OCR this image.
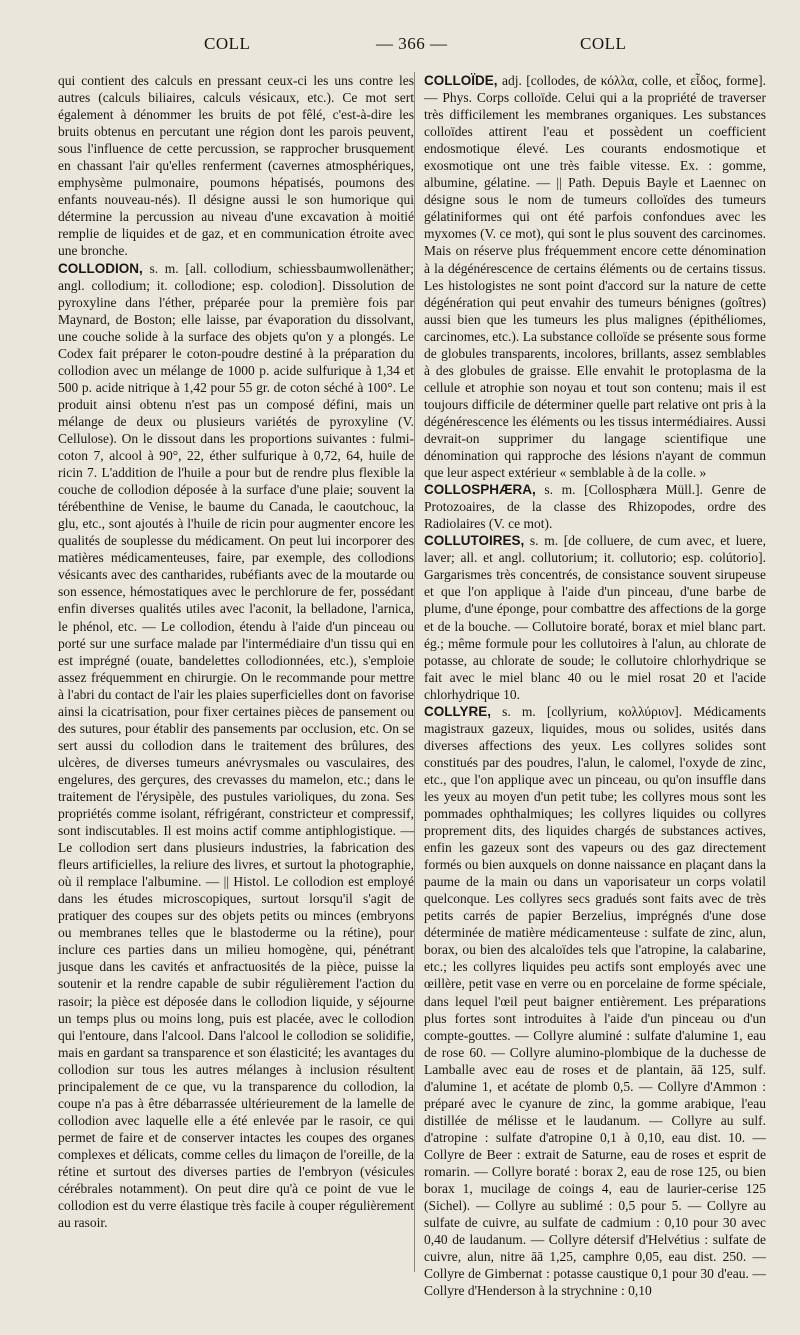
COLL	— 366 —	COLL

qui contient des calculs en pressant ceux-ci les uns contre les autres (calculs biliaires, calculs vésicaux, etc.). Ce mot sert également à dénommer les bruits de pot fêlé, c'est-à-dire les bruits obtenus en percutant une région dont les parois peuvent, sous l'influence de cette percussion, se rapprocher brusquement en chassant l'air qu'elles renferment (cavernes atmosphériques, emphysème pulmonaire, poumons hépatisés, poumons des enfants nouveau-nés). Il désigne aussi le son humorique qui détermine la percussion au niveau d'une excavation à moitié remplie de liquides et de gaz, et en communication étroite avec une bronche.

COLLODION, s. m. [all. collodium, schiessbaumwollenäther; angl. collodium; it. collodione; esp. colodion]. Dissolution de pyroxyline dans l'éther, préparée pour la première fois par Maynard, de Boston; elle laisse, par évaporation du dissolvant, une couche solide à la surface des objets qu'on y a plongés. Le Codex fait préparer le coton-poudre destiné à la préparation du collodion avec un mélange de 1000 p. acide sulfurique à 1,34 et 500 p. acide nitrique à 1,42 pour 55 gr. de coton séché à 100°. Le produit ainsi obtenu n'est pas un composé défini, mais un mélange de deux ou plusieurs variétés de pyroxyline (V. Cellulose). On le dissout dans les proportions suivantes : fulmi-coton 7, alcool à 90°, 22, éther sulfurique à 0,72, 64, huile de ricin 7. L'addition de l'huile a pour but de rendre plus flexible la couche de collodion déposée à la surface d'une plaie; souvent la térébenthine de Venise, le baume du Canada, le caoutchouc, la glu, etc., sont ajoutés à l'huile de ricin pour augmenter encore les qualités de souplesse du médicament. On peut lui incorporer des matières médicamenteuses, faire, par exemple, des collodions vésicants avec des cantharides, rubéfiants avec de la moutarde ou son essence, hémostatiques avec le perchlorure de fer, possédant enfin diverses qualités utiles avec l'aconit, la belladone, l'arnica, le phénol, etc. — Le collodion, étendu à l'aide d'un pinceau ou porté sur une surface malade par l'intermédiaire d'un tissu qui en est imprégné (ouate, bandelettes collodionnées, etc.), s'emploie assez fréquemment en chirurgie. On le recommande pour mettre à l'abri du contact de l'air les plaies superficielles dont on favorise ainsi la cicatrisation, pour fixer certaines pièces de pansement ou des sutures, pour établir des pansements par occlusion, etc. On se sert aussi du collodion dans le traitement des brûlures, des ulcères, de diverses tumeurs anévrysmales ou vasculaires, des engelures, des gerçures, des crevasses du mamelon, etc.; dans le traitement de l'érysipèle, des pustules varioliques, du zona. Ses propriétés comme isolant, réfrigérant, constricteur et compressif, sont indiscutables. Il est moins actif comme antiphlogistique. — Le collodion sert dans plusieurs industries, la fabrication des fleurs artificielles, la reliure des livres, et surtout la photographie, où il remplace l'albumine. — || Histol. Le collodion est employé dans les études microscopiques, surtout lorsqu'il s'agit de pratiquer des coupes sur des objets petits ou minces (embryons ou membranes telles que le blastoderme ou la rétine), pour inclure ces parties dans un milieu homogène, qui, pénétrant jusque dans les cavités et anfractuosités de la pièce, puisse la soutenir et la rendre capable de subir régulièrement l'action du rasoir; la pièce est déposée dans le collodion liquide, y séjourne un temps plus ou moins long, puis est placée, avec le collodion qui l'entoure, dans l'alcool. Dans l'alcool le collodion se solidifie, mais en gardant sa transparence et son élasticité; les avantages du collodion sur tous les autres mélanges à inclusion résultent principalement de ce que, vu la transparence du collodion, la coupe n'a pas à être débarrassée ultérieurement de la lamelle de collodion avec laquelle elle a été enlevée par le rasoir, ce qui permet de faire et de conserver intactes les coupes des organes complexes et délicats, comme celles du limaçon de l'oreille, de la rétine et surtout des diverses parties de l'embryon (vésicules cérébrales notamment). On peut dire qu'à ce point de vue le collodion est du verre élastique très facile à couper régulièrement au rasoir.

COLLOÏDE, adj. [collodes, de κόλλα, colle, et εἶδος, forme]. — Phys. Corps colloïde. Celui qui a la propriété de traverser très difficilement les membranes organiques. Les substances colloïdes attirent l'eau et possèdent un coefficient endosmotique élevé. Les courants endosmotique et exosmotique ont une très faible vitesse. Ex. : gomme, albumine, gélatine. — || Path. Depuis Bayle et Laennec on désigne sous le nom de tumeurs colloïdes des tumeurs gélatiniformes qui ont été parfois confondues avec les myxomes (V. ce mot), qui sont le plus souvent des carcinomes. Mais on réserve plus fréquemment encore cette dénomination à la dégénérescence de certains éléments ou de certains tissus. Les histologistes ne sont point d'accord sur la nature de cette dégénération qui peut envahir des tumeurs bénignes (goîtres) aussi bien que les tumeurs les plus malignes (épithéliomes, carcinomes, etc.). La substance colloïde se présente sous forme de globules transparents, incolores, brillants, assez semblables à des globules de graisse. Elle envahit le protoplasma de la cellule et atrophie son noyau et tout son contenu; mais il est toujours difficile de déterminer quelle part relative ont pris à la dégénérescence les éléments ou les tissus intermédiaires. Aussi devrait-on supprimer du langage scientifique une dénomination qui rapproche des lésions n'ayant de commun que leur aspect extérieur « semblable à de la colle. »

COLLOSPHÆRA, s. m. [Collosphæra Müll.]. Genre de Protozoaires, de la classe des Rhizopodes, ordre des Radiolaires (V. ce mot).

COLLUTOIRES, s. m. [de colluere, de cum avec, et luere, laver; all. et angl. collutorium; it. collutorio; esp. colútorio]. Gargarismes très concentrés, de consistance souvent sirupeuse et que l'on applique à l'aide d'un pinceau, d'une barbe de plume, d'une éponge, pour combattre des affections de la gorge et de la bouche. — Collutoire boraté, borax et miel blanc part. ég.; même formule pour les collutoires à l'alun, au chlorate de potasse, au chlorate de soude; le collutoire chlorhydrique se fait avec le miel blanc 40 ou le miel rosat 20 et l'acide chlorhydrique 10.

COLLYRE, s. m. [collyrium, κολλύριον]. Médicaments magistraux gazeux, liquides, mous ou solides, usités dans diverses affections des yeux. Les collyres solides sont constitués par des poudres, l'alun, le calomel, l'oxyde de zinc, etc., que l'on applique avec un pinceau, ou qu'on insuffle dans les yeux au moyen d'un petit tube; les collyres mous sont les pommades ophthalmiques; les collyres liquides ou collyres proprement dits, des liquides chargés de substances actives, enfin les gazeux sont des vapeurs ou des gaz directement formés ou bien auxquels on donne naissance en plaçant dans la paume de la main ou dans un vaporisateur un corps volatil quelconque. Les collyres secs gradués sont faits avec de très petits carrés de papier Berzelius, imprégnés d'une dose déterminée de matière médicamenteuse : sulfate de zinc, alun, borax, ou bien des alcaloïdes tels que l'atropine, la calabarine, etc.; les collyres liquides peu actifs sont employés avec une œillère, petit vase en verre ou en porcelaine de forme spéciale, dans lequel l'œil peut baigner entièrement. Les préparations plus fortes sont introduites à l'aide d'un pinceau ou d'un compte-gouttes. — Collyre aluminé : sulfate d'alumine 1, eau de rose 60. — Collyre alumino-plombique de la duchesse de Lamballe avec eau de roses et de plantain, āā 125, sulf. d'alumine 1, et acétate de plomb 0,5. — Collyre d'Ammon : préparé avec le cyanure de zinc, la gomme arabique, l'eau distillée de mélisse et le laudanum. — Collyre au sulf. d'atropine : sulfate d'atropine 0,1 à 0,10, eau dist. 10. — Collyre de Beer : extrait de Saturne, eau de roses et esprit de romarin. — Collyre boraté : borax 2, eau de rose 125, ou bien borax 1, mucilage de coings 4, eau de laurier-cerise 125 (Sichel). — Collyre au sublimé : 0,5 pour 5. — Collyre au sulfate de cuivre, au sulfate de cadmium : 0,10 pour 30 avec 0,40 de laudanum. — Collyre détersif d'Helvétius : sulfate de cuivre, alun, nitre āā 1,25, camphre 0,05, eau dist. 250. — Collyre de Gimbernat : potasse caustique 0,1 pour 30 d'eau. — Collyre d'Henderson à la strychnine : 0,10
